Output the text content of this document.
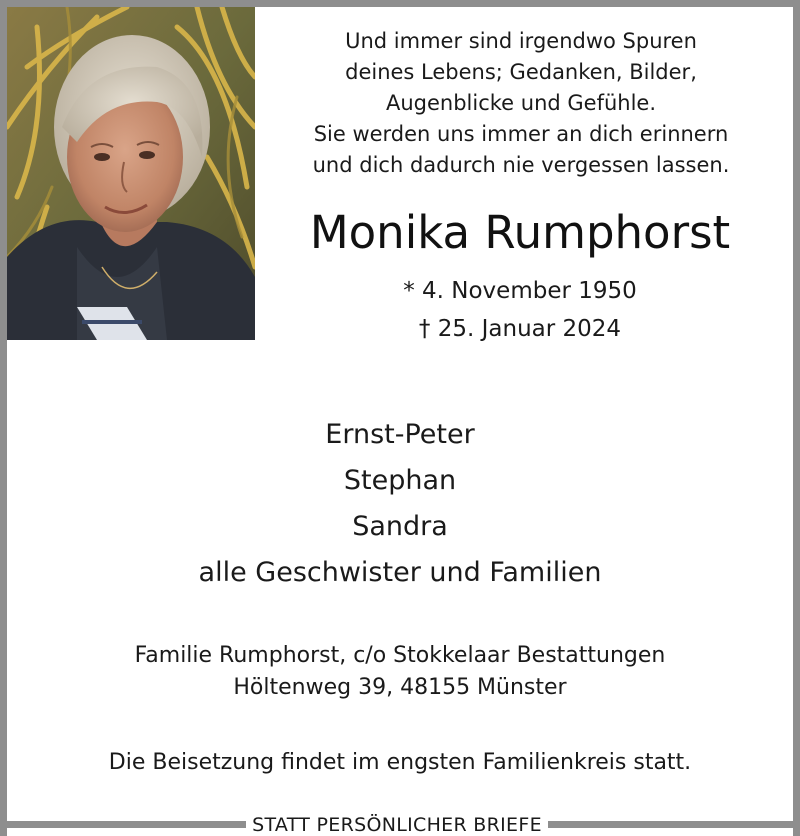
STATT PERSÖNLICHER BRIEFE
Und immer sind irgendwo Spuren
deines Lebens; Gedanken, Bilder,
Augenblicke und Gefühle.
Sie werden uns immer an dich erinnern
und dich dadurch nie vergessen lassen.
Monika Rumphorst
* 4. November 1950
† 25. Januar 2024
Ernst-Peter
Stephan
Sandra
alle Geschwister und Familien
Familie Rumphorst, c/o Stokkelaar Bestattungen
Höltenweg 39, 48155 Münster
Die Beisetzung findet im engsten Familienkreis statt.
